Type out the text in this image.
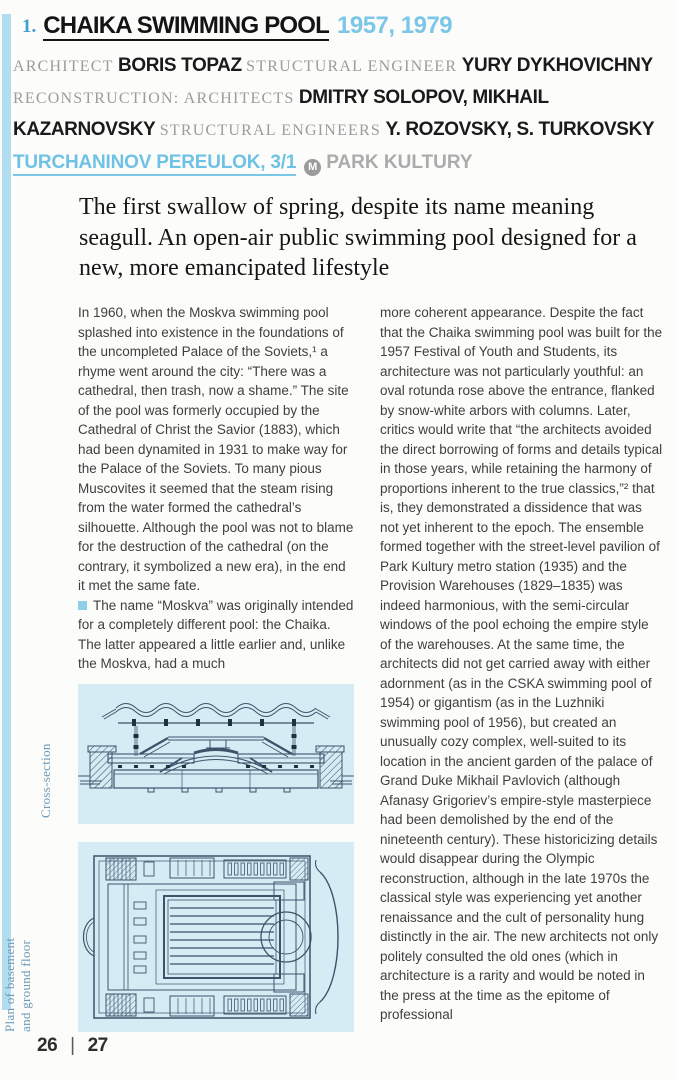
1. CHAIKA SWIMMING POOL 1957, 1979
ARCHITECT BORIS TOPAZ STRUCTURAL ENGINEER YURY DYKHOVICHNY
RECONSTRUCTION: ARCHITECTS DMITRY SOLOPOV, MIKHAIL
KAZARNOVSKY STRUCTURAL ENGINEERS Y. ROZOVSKY, S. TURKOVSKY
TURCHANINOV PEREULOK, 3/1 M PARK KULTURY

The first swallow of spring, despite its name meaning seagull. An open-air public swimming pool designed for a new, more emancipated lifestyle

In 1960, when the Moskva swimming pool splashed into existence in the foundations of the uncompleted Palace of the Soviets,¹ a rhyme went around the city: “There was a cathedral, then trash, now a shame.” The site of the pool was formerly occupied by the Cathedral of Christ the Savior (1883), which had been dynamited in 1931 to make way for the Palace of the Soviets. To many pious Muscovites it seemed that the steam rising from the water formed the cathedral’s silhouette. Although the pool was not to blame for the destruction of the cathedral (on the contrary, it symbolized a new era), in the end it met the same fate.

The name “Moskva” was originally intended for a completely different pool: the Chaika. The latter appeared a little earlier and, unlike the Moskva, had a much

more coherent appearance. Despite the fact that the Chaika swimming pool was built for the 1957 Festival of Youth and Students, its architecture was not particularly youthful: an oval rotunda rose above the entrance, flanked by snow-white arbors with columns. Later, critics would write that “the architects avoided the direct borrowing of forms and details typical in those years, while retaining the harmony of proportions inherent to the true classics,”² that is, they demonstrated a dissidence that was not yet inherent to the epoch. The ensemble formed together with the street-level pavilion of Park Kultury metro station (1935) and the Provision Warehouses (1829–1835) was indeed harmonious, with the semi-circular windows of the pool echoing the empire style of the warehouses. At the same time, the architects did not get carried away with either adornment (as in the CSKA swimming pool of 1954) or gigantism (as in the Luzhniki swimming pool of 1956), but created an unusually cozy complex, well-suited to its location in the ancient garden of the palace of Grand Duke Mikhail Pavlovich (although Afanasy Grigoriev’s empire-style masterpiece had been demolished by the end of the nineteenth century). These historicizing details would disappear during the Olympic reconstruction, although in the late 1970s the classical style was experiencing yet another renaissance and the cult of personality hung distinctly in the air. The new architects not only politely consulted the old ones (which in architecture is a rarity and would be noted in the press at the time as the epitome of professional

Cross-section
Plan of basement and ground floor
26 | 27
